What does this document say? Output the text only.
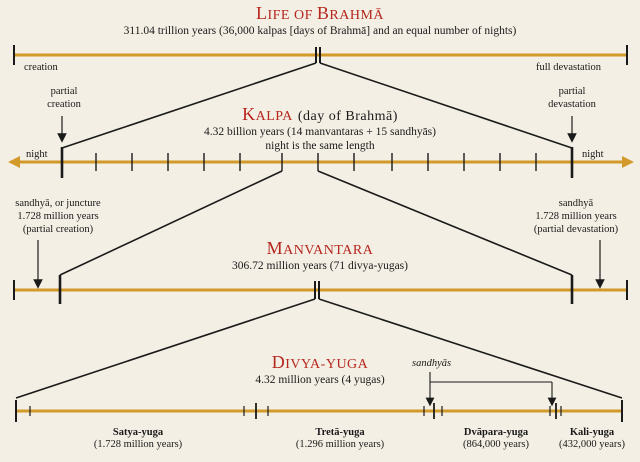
LIFE OF BRAHMĀ
311.04 trillion years (36,000 kalpas [days of Brahmā] and an equal number of nights)
creation	full devastation
partial
creation
partial
devastation
KALPA (day of Brahmā)
4.32 billion years (14 manvantaras + 15 sandhyās)
night is the same length
night	night
sandhyā, or juncture
1.728 million years
(partial creation)
sandhyā
1.728 million years
(partial devastation)
MANVANTARA
306.72 million years (71 divya-yugas)
DIVYA-YUGA
4.32 million years (4 yugas)
sandhyās
Satya-yuga
(1.728 million years)
Tretā-yuga
(1.296 million years)
Dvāpara-yuga
(864,000 years)
Kali-yuga
(432,000 years)
